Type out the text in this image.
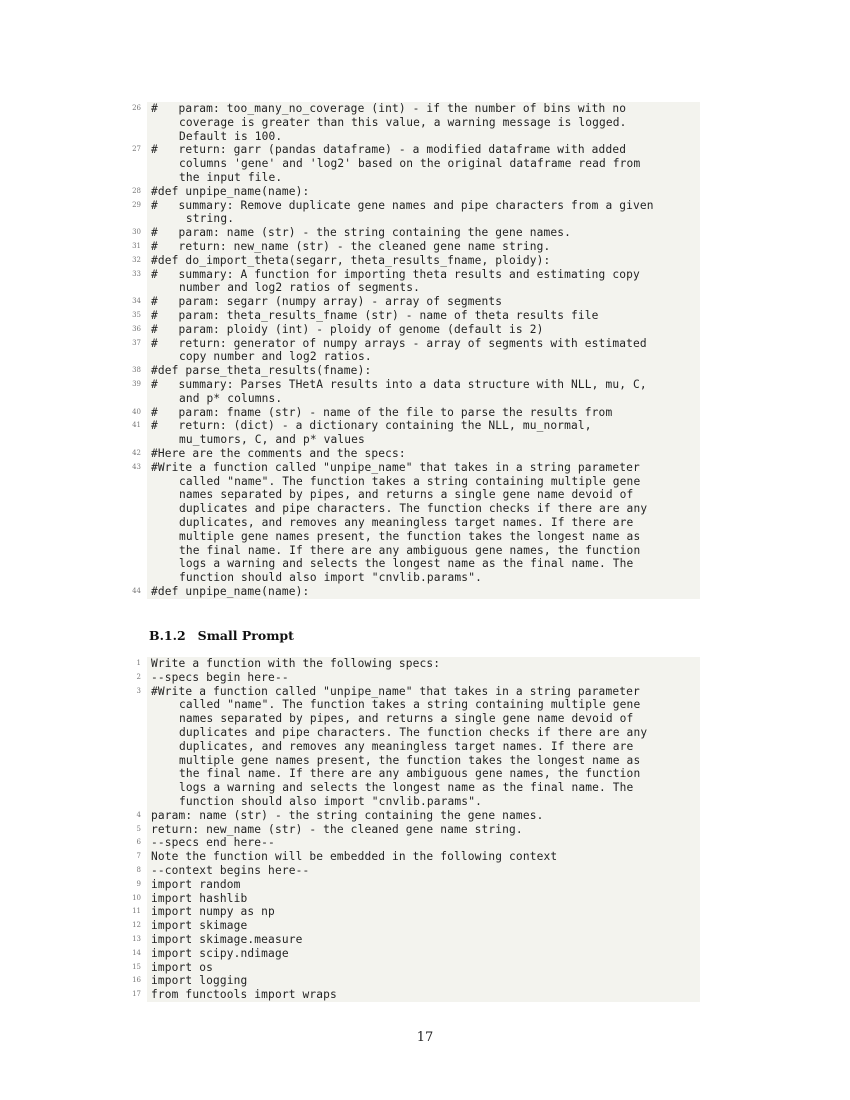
26 #   param: too_many_no_coverage (int) - if the number of bins with no
coverage is greater than this value, a warning message is logged.
Default is 100.
27 #   return: garr (pandas dataframe) - a modified dataframe with added
columns 'gene' and 'log2' based on the original dataframe read from
the input file.
28 #def unpipe_name(name):
29 #   summary: Remove duplicate gene names and pipe characters from a given
string.
30 #   param: name (str) - the string containing the gene names.
31 #   return: new_name (str) - the cleaned gene name string.
32 #def do_import_theta(segarr, theta_results_fname, ploidy):
33 #   summary: A function for importing theta results and estimating copy
number and log2 ratios of segments.
34 #   param: segarr (numpy array) - array of segments
35 #   param: theta_results_fname (str) - name of theta results file
36 #   param: ploidy (int) - ploidy of genome (default is 2)
37 #   return: generator of numpy arrays - array of segments with estimated
copy number and log2 ratios.
38 #def parse_theta_results(fname):
39 #   summary: Parses THetA results into a data structure with NLL, mu, C,
and p* columns.
40 #   param: fname (str) - name of the file to parse the results from
41 #   return: (dict) - a dictionary containing the NLL, mu_normal,
mu_tumors, C, and p* values
42 #Here are the comments and the specs:
43 #Write a function called "unpipe_name" that takes in a string parameter
called "name". The function takes a string containing multiple gene
names separated by pipes, and returns a single gene name devoid of
duplicates and pipe characters. The function checks if there are any
duplicates, and removes any meaningless target names. If there are
multiple gene names present, the function takes the longest name as
the final name. If there are any ambiguous gene names, the function
logs a warning and selects the longest name as the final name. The
function should also import "cnvlib.params".
44 #def unpipe_name(name):
B.1.2 Small Prompt
1 Write a function with the following specs:
2 --specs begin here--
3 #Write a function called "unpipe_name" that takes in a string parameter
called "name". The function takes a string containing multiple gene
names separated by pipes, and returns a single gene name devoid of
duplicates and pipe characters. The function checks if there are any
duplicates, and removes any meaningless target names. If there are
multiple gene names present, the function takes the longest name as
the final name. If there are any ambiguous gene names, the function
logs a warning and selects the longest name as the final name. The
function should also import "cnvlib.params".
4 param: name (str) - the string containing the gene names.
5 return: new_name (str) - the cleaned gene name string.
6 --specs end here--
7 Note the function will be embedded in the following context
8 --context begins here--
9 import random
10 import hashlib
11 import numpy as np
12 import skimage
13 import skimage.measure
14 import scipy.ndimage
15 import os
16 import logging
17 from functools import wraps
17
